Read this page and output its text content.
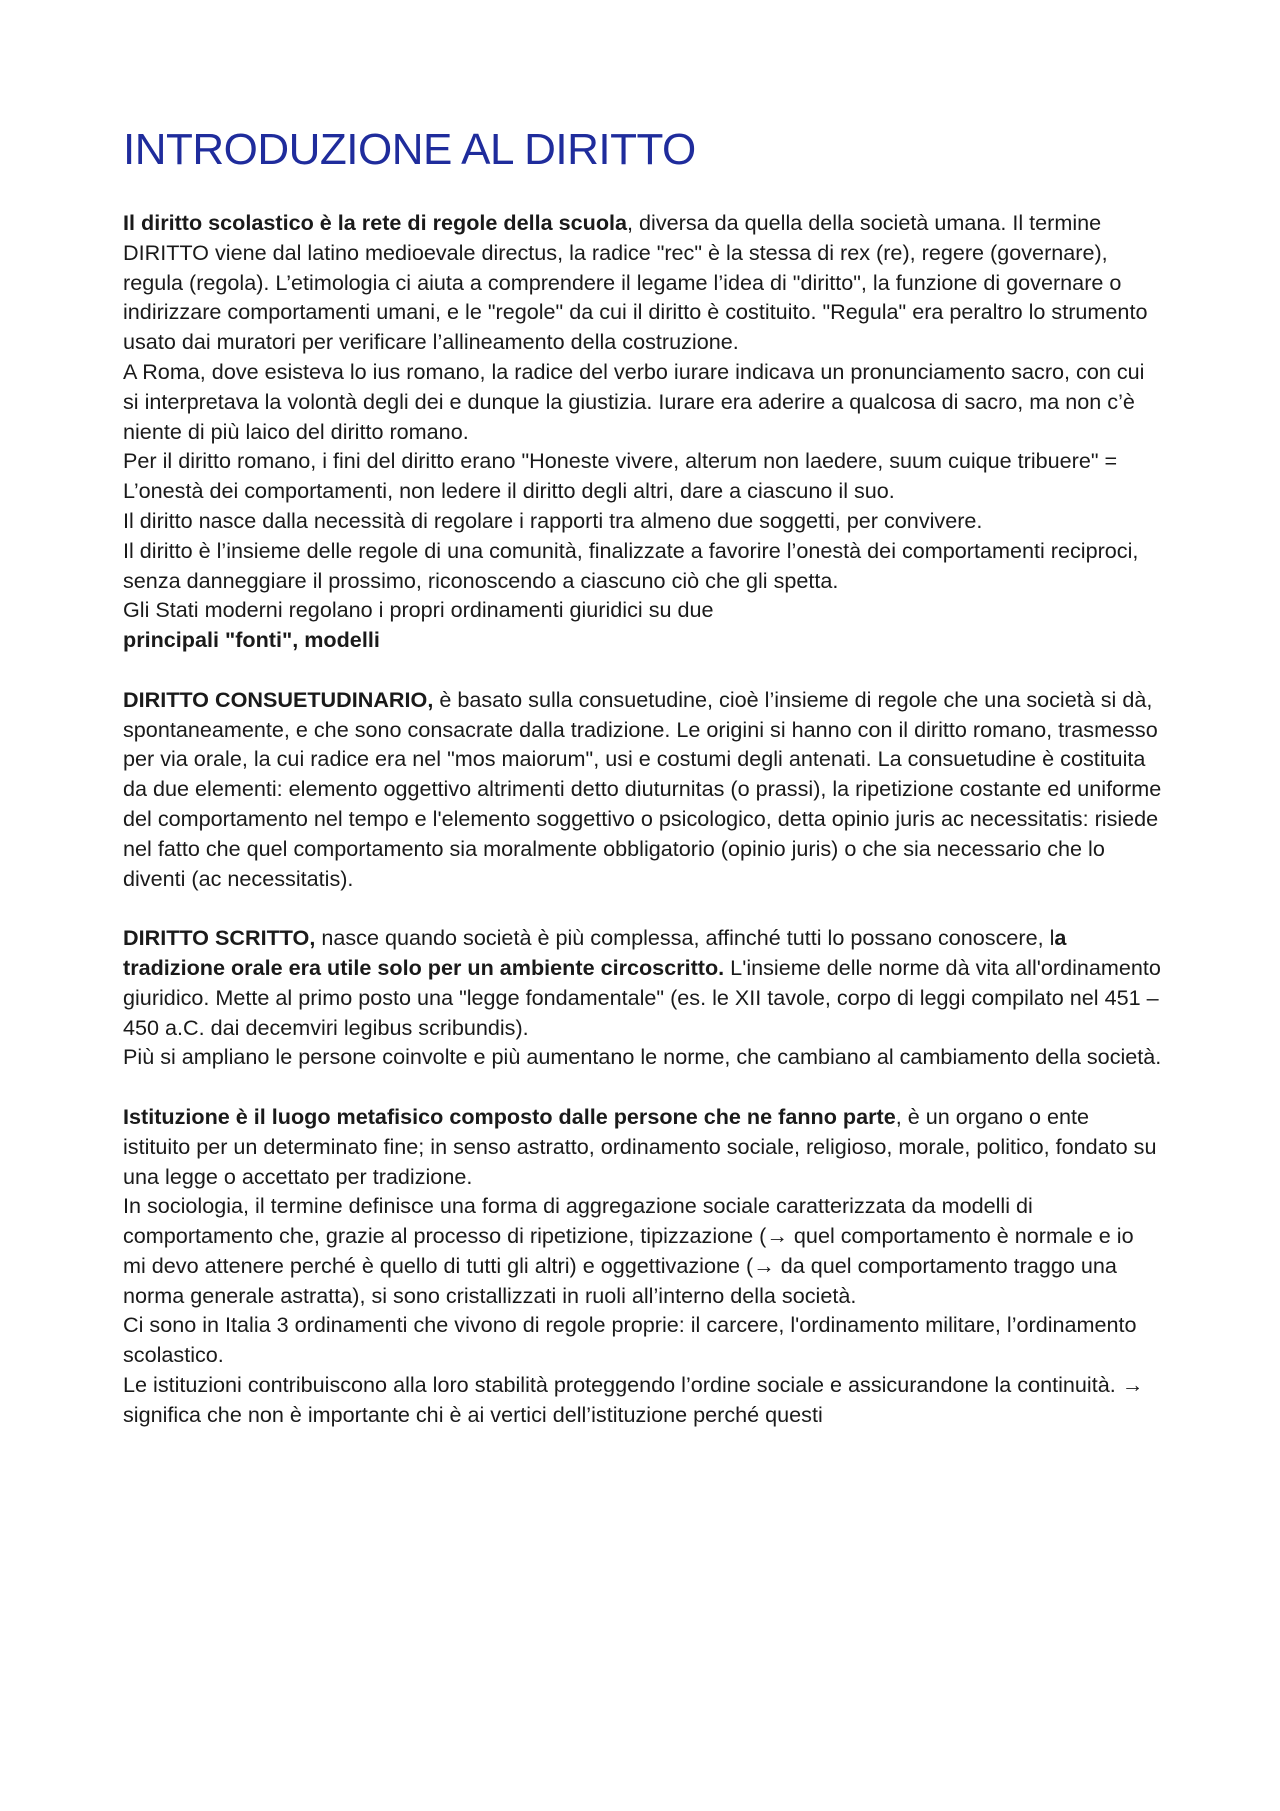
INTRODUZIONE AL DIRITTO

Il diritto scolastico è la rete di regole della scuola, diversa da quella della società umana. Il termine DIRITTO viene dal latino medioevale directus, la radice "rec" è la stessa di rex (re), regere (governare), regula (regola). L’etimologia ci aiuta a comprendere il legame l’idea di "diritto", la funzione di governare o indirizzare comportamenti umani, e le "regole" da cui il diritto è costituito. "Regula" era peraltro lo strumento usato dai muratori per verificare l’allineamento della costruzione.

A Roma, dove esisteva lo ius romano, la radice del verbo iurare indicava un pronunciamento sacro, con cui si interpretava la volontà degli dei e dunque la giustizia. Iurare era aderire a qualcosa di sacro, ma non c’è niente di più laico del diritto romano.

Per il diritto romano, i fini del diritto erano "Honeste vivere, alterum non laedere, suum cuique tribuere" = L’onestà dei comportamenti, non ledere il diritto degli altri, dare a ciascuno il suo.

Il diritto nasce dalla necessità di regolare i rapporti tra almeno due soggetti, per convivere.

Il diritto è l’insieme delle regole di una comunità, finalizzate a favorire l’onestà dei comportamenti reciproci, senza danneggiare il prossimo, riconoscendo a ciascuno ciò che gli spetta.

Gli Stati moderni regolano i propri ordinamenti giuridici su due

principali "fonti", modelli

DIRITTO CONSUETUDINARIO, è basato sulla consuetudine, cioè l’insieme di regole che una società si dà, spontaneamente, e che sono consacrate dalla tradizione. Le origini si hanno con il diritto romano, trasmesso per via orale, la cui radice era nel "mos maiorum", usi e costumi degli antenati. La consuetudine è costituita da due elementi: elemento oggettivo altrimenti detto diuturnitas (o prassi), la ripetizione costante ed uniforme del comportamento nel tempo e l'elemento soggettivo o psicologico, detta opinio juris ac necessitatis: risiede nel fatto che quel comportamento sia moralmente obbligatorio (opinio juris) o che sia necessario che lo diventi (ac necessitatis).

DIRITTO SCRITTO, nasce quando società è più complessa, affinché tutti lo possano conoscere, la tradizione orale era utile solo per un ambiente circoscritto. L'insieme delle norme dà vita all'ordinamento giuridico. Mette al primo posto una "legge fondamentale" (es. le XII tavole, corpo di leggi compilato nel 451 – 450 a.C. dai decemviri legibus scribundis).

Più si ampliano le persone coinvolte e più aumentano le norme, che cambiano al cambiamento della società.

Istituzione è il luogo metafisico composto dalle persone che ne fanno parte, è un organo o ente istituito per un determinato fine; in senso astratto, ordinamento sociale, religioso, morale, politico, fondato su una legge o accettato per tradizione.

In sociologia, il termine definisce una forma di aggregazione sociale caratterizzata da modelli di comportamento che, grazie al processo di ripetizione, tipizzazione (→ quel comportamento è normale e io mi devo attenere perché è quello di tutti gli altri) e oggettivazione (→ da quel comportamento traggo una norma generale astratta), si sono cristallizzati in ruoli all’interno della società.

Ci sono in Italia 3 ordinamenti che vivono di regole proprie: il carcere, l'ordinamento militare, l’ordinamento scolastico.

Le istituzioni contribuiscono alla loro stabilità proteggendo l’ordine sociale e assicurandone la continuità. → significa che non è importante chi è ai vertici dell’istituzione perché questi
